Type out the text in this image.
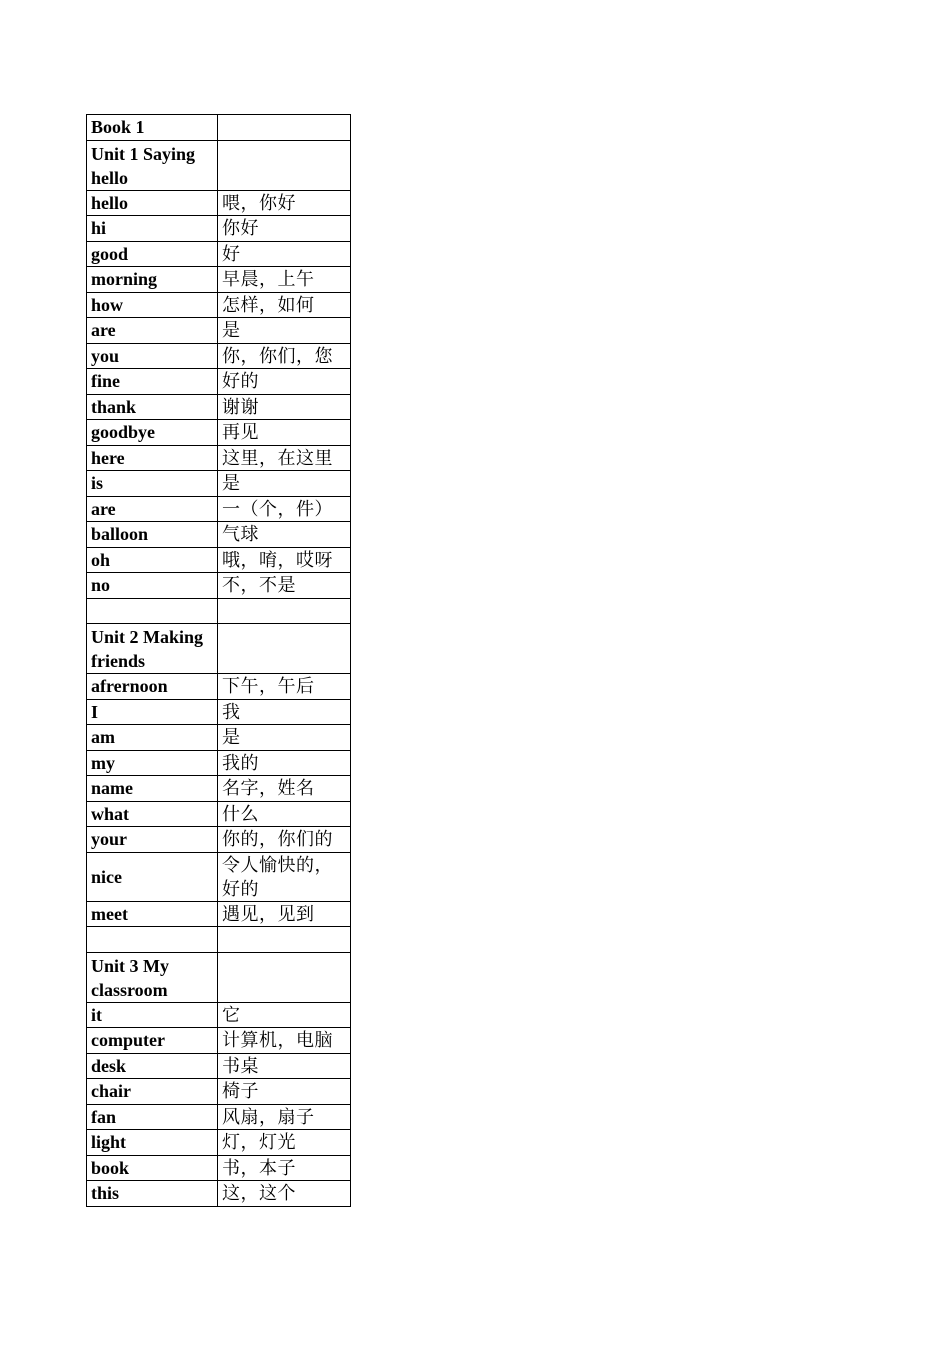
Book 1	
Unit 1 Saying hello	
hello	喂，你好
hi	你好
good	好
morning	早晨，上午
how	怎样，如何
are	是
you	你，你们，您
fine	好的
thank	谢谢
goodbye	再见
here	这里，在这里
is	是
are	一（个，件）
balloon	气球
oh	哦，唷，哎呀
no	不，不是

Unit 2 Making friends	
afrernoon	下午，午后
I	我
am	是
my	我的
name	名字，姓名
what	什么
your	你的，你们的
nice	令人愉快的，好的
meet	遇见，见到

Unit 3 My classroom	
it	它
computer	计算机，电脑
desk	书桌
chair	椅子
fan	风扇，扇子
light	灯，灯光
book	书，本子
this	这，这个
